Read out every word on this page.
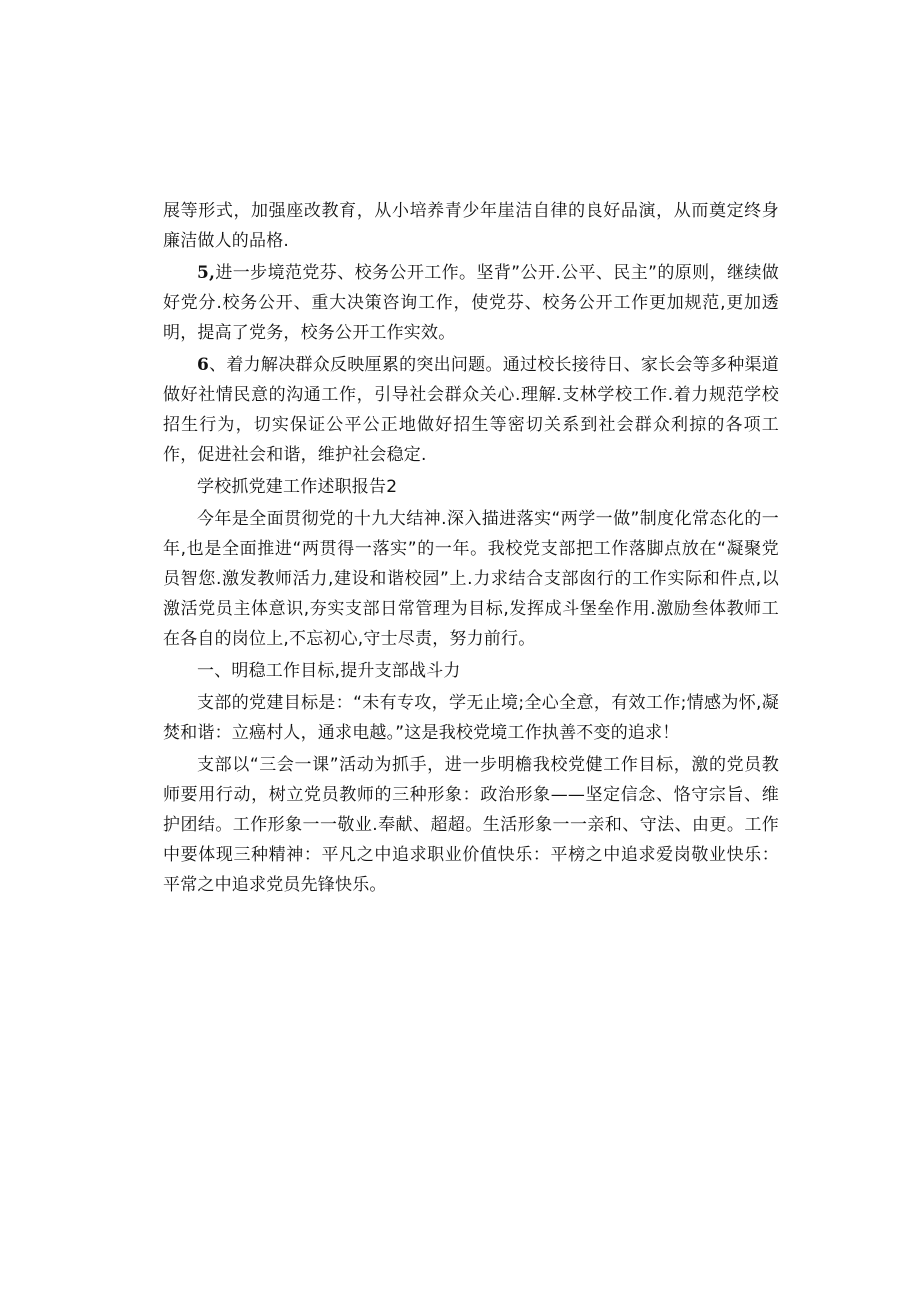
展等形式，加强座改教育，从小培养青少年崖洁自律的良好品演，从而奠定终身廉洁做人的品格.

5,进一步境范党芬、校务公开工作。坚背”公开.公平、民主”的原则，继续做好党分.校务公开、重大决策咨询工作，使党芬、校务公开工作更加规范,更加透明，提高了党务，校务公开工作实效。

6、着力解决群众反映厘累的突出问题。通过校长接待日、家长会等多种渠道做好社情民意的沟通工作，引导社会群众关心.理解.支林学校工作.着力规范学校招生行为，切实保证公平公正地做好招生等密切关系到社会群众利掠的各项工作，促进社会和谐，维护社会稳定.

学校抓党建工作述职报告2

今年是全面贯彻党的十九大结神.深入描进落实“两学一做”制度化常态化的一年,也是全面推进“两贯得一落实”的一年。我校党支部把工作落脚点放在“凝聚党员智您.激发教师活力,建设和谐校园”上.力求结合支部囱行的工作实际和件点,以激活党员主体意识,夯实支部日常管理为目标,发挥成斗堡垒作用.激励叁体教师工在各自的岗位上,不忘初心,守士尽责，努力前行。

一、明稳工作目标,提升支部战斗力

支部的党建目标是：“未有专攻，学无止境;全心全意，有效工作;情感为怀,凝焚和谐：立癌村人，通求电越。”这是我校党境工作执善不变的追求！

支部以“三会一课”活动为抓手，进一步明檐我校党健工作目标，激的党员教师要用行动，树立党员教师的三种形象：政治形象——坚定信念、恪守宗旨、维护团结。工作形象一一敬业.奉献、超超。生活形象一一亲和、守法、由更。工作中要体现三种精神：平凡之中追求职业价值快乐：平榜之中追求爱岗敬业快乐：平常之中追求党员先锋快乐。
